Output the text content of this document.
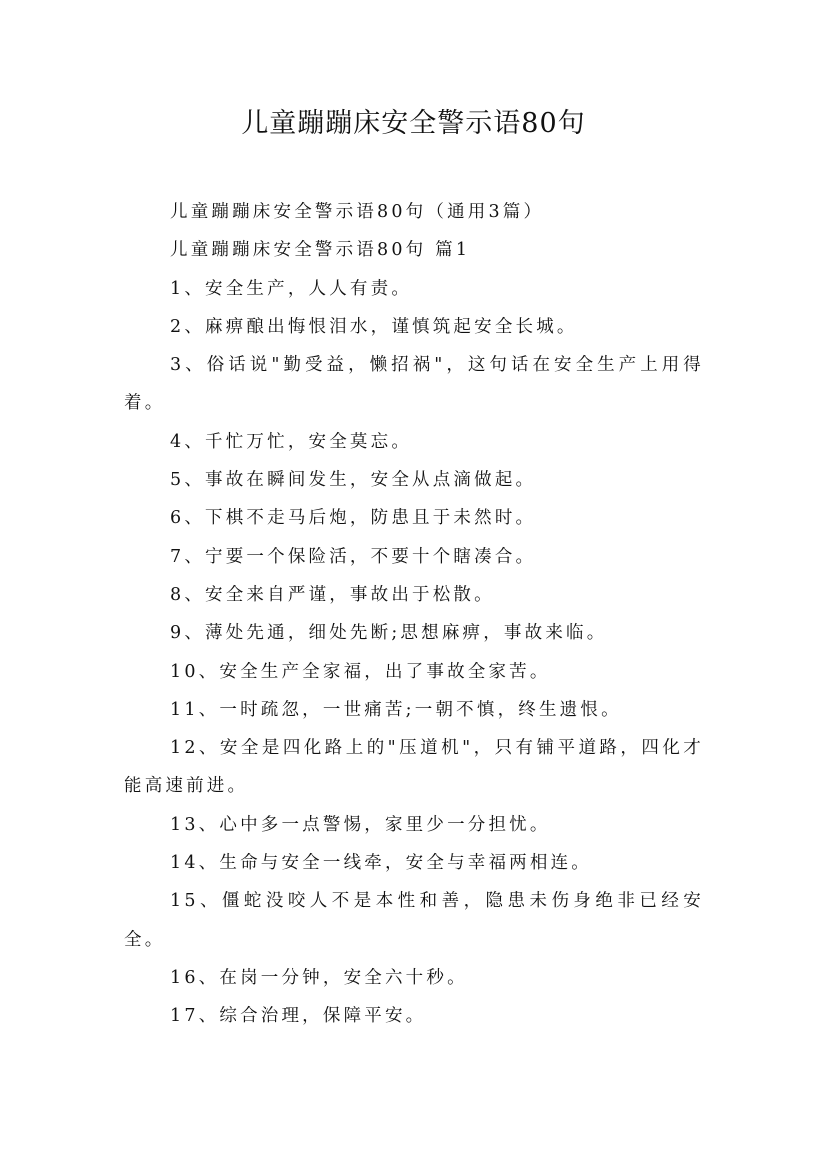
儿童蹦蹦床安全警示语80句

儿童蹦蹦床安全警示语80句（通用3篇）

儿童蹦蹦床安全警示语80句 篇1

1、安全生产，人人有责。

2、麻痹酿出悔恨泪水，谨慎筑起安全长城。

3、俗话说"勤受益，懒招祸"，这句话在安全生产上用得着。

4、千忙万忙，安全莫忘。

5、事故在瞬间发生，安全从点滴做起。

6、下棋不走马后炮，防患且于未然时。

7、宁要一个保险活，不要十个瞎凑合。

8、安全来自严谨，事故出于松散。

9、薄处先通，细处先断;思想麻痹，事故来临。

10、安全生产全家福，出了事故全家苦。

11、一时疏忽，一世痛苦;一朝不慎，终生遗恨。

12、安全是四化路上的"压道机"，只有铺平道路，四化才能高速前进。

13、心中多一点警惕，家里少一分担忧。

14、生命与安全一线牵，安全与幸福两相连。

15、僵蛇没咬人不是本性和善，隐患未伤身绝非已经安全。

16、在岗一分钟，安全六十秒。

17、综合治理，保障平安。
